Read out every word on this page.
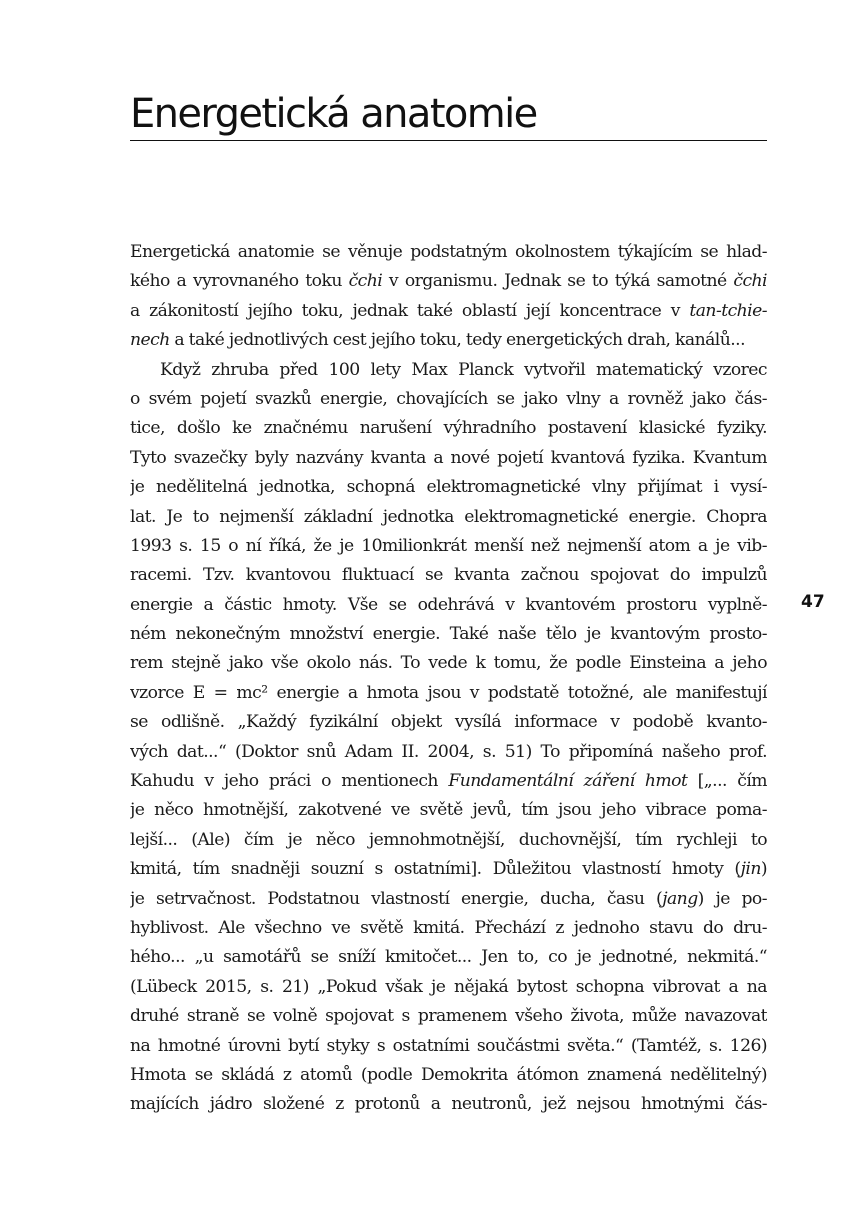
Energetická anatomie
Energetická anatomie se věnuje podstatným okolnostem týkajícím se hlad-
kého a vyrovnaného toku čchi v organismu. Jednak se to týká samotné čchi
a zákonitostí jejího toku, jednak také oblastí její koncentrace v tan-tchie-
nech a také jednotlivých cest jejího toku, tedy energetických drah, kanálů...
Když zhruba před 100 lety Max Planck vytvořil matematický vzorec
o svém pojetí svazků energie, chovajících se jako vlny a rovněž jako čás-
tice, došlo ke značnému narušení výhradního postavení klasické fyziky.
Tyto svazečky byly nazvány kvanta a nové pojetí kvantová fyzika. Kvantum
je nedělitelná jednotka, schopná elektromagnetické vlny přijímat i vysí-
lat. Je to nejmenší základní jednotka elektromagnetické energie. Chopra
1993 s. 15 o ní říká, že je 10milionkrát menší než nejmenší atom a je vib-
racemi. Tzv. kvantovou fluktuací se kvanta začnou spojovat do impulzů
energie a částic hmoty. Vše se odehrává v kvantovém prostoru vyplně-
ném nekonečným množství energie. Také naše tělo je kvantovým prosto-
rem stejně jako vše okolo nás. To vede k tomu, že podle Einsteina a jeho
vzorce E = mc² energie a hmota jsou v podstatě totožné, ale manifestují
se odlišně. „Každý fyzikální objekt vysílá informace v podobě kvanto-
vých dat...“ (Doktor snů Adam II. 2004, s. 51) To připomíná našeho prof.
Kahudu v jeho práci o mentionech Fundamentální záření hmot [„... čím
je něco hmotnější, zakotvené ve světě jevů, tím jsou jeho vibrace poma-
lejší... (Ale) čím je něco jemnohmotnější, duchovnější, tím rychleji to
kmitá, tím snadněji souzní s ostatními]. Důležitou vlastností hmoty (jin)
je setrvačnost. Podstatnou vlastností energie, ducha, času (jang) je po-
hyblivost. Ale všechno ve světě kmitá. Přechází z jednoho stavu do dru-
hého... „u samotářů se sníží kmitočet... Jen to, co je jednotné, nekmitá.“
(Lübeck 2015, s. 21) „Pokud však je nějaká bytost schopna vibrovat a na
druhé straně se volně spojovat s pramenem všeho života, může navazovat
na hmotné úrovni bytí styky s ostatními součástmi světa.“ (Tamtéž, s. 126)
Hmota se skládá z atomů (podle Demokrita átómon znamená nedělitelný)
majících jádro složené z protonů a neutronů, jež nejsou hmotnými čás-
47
